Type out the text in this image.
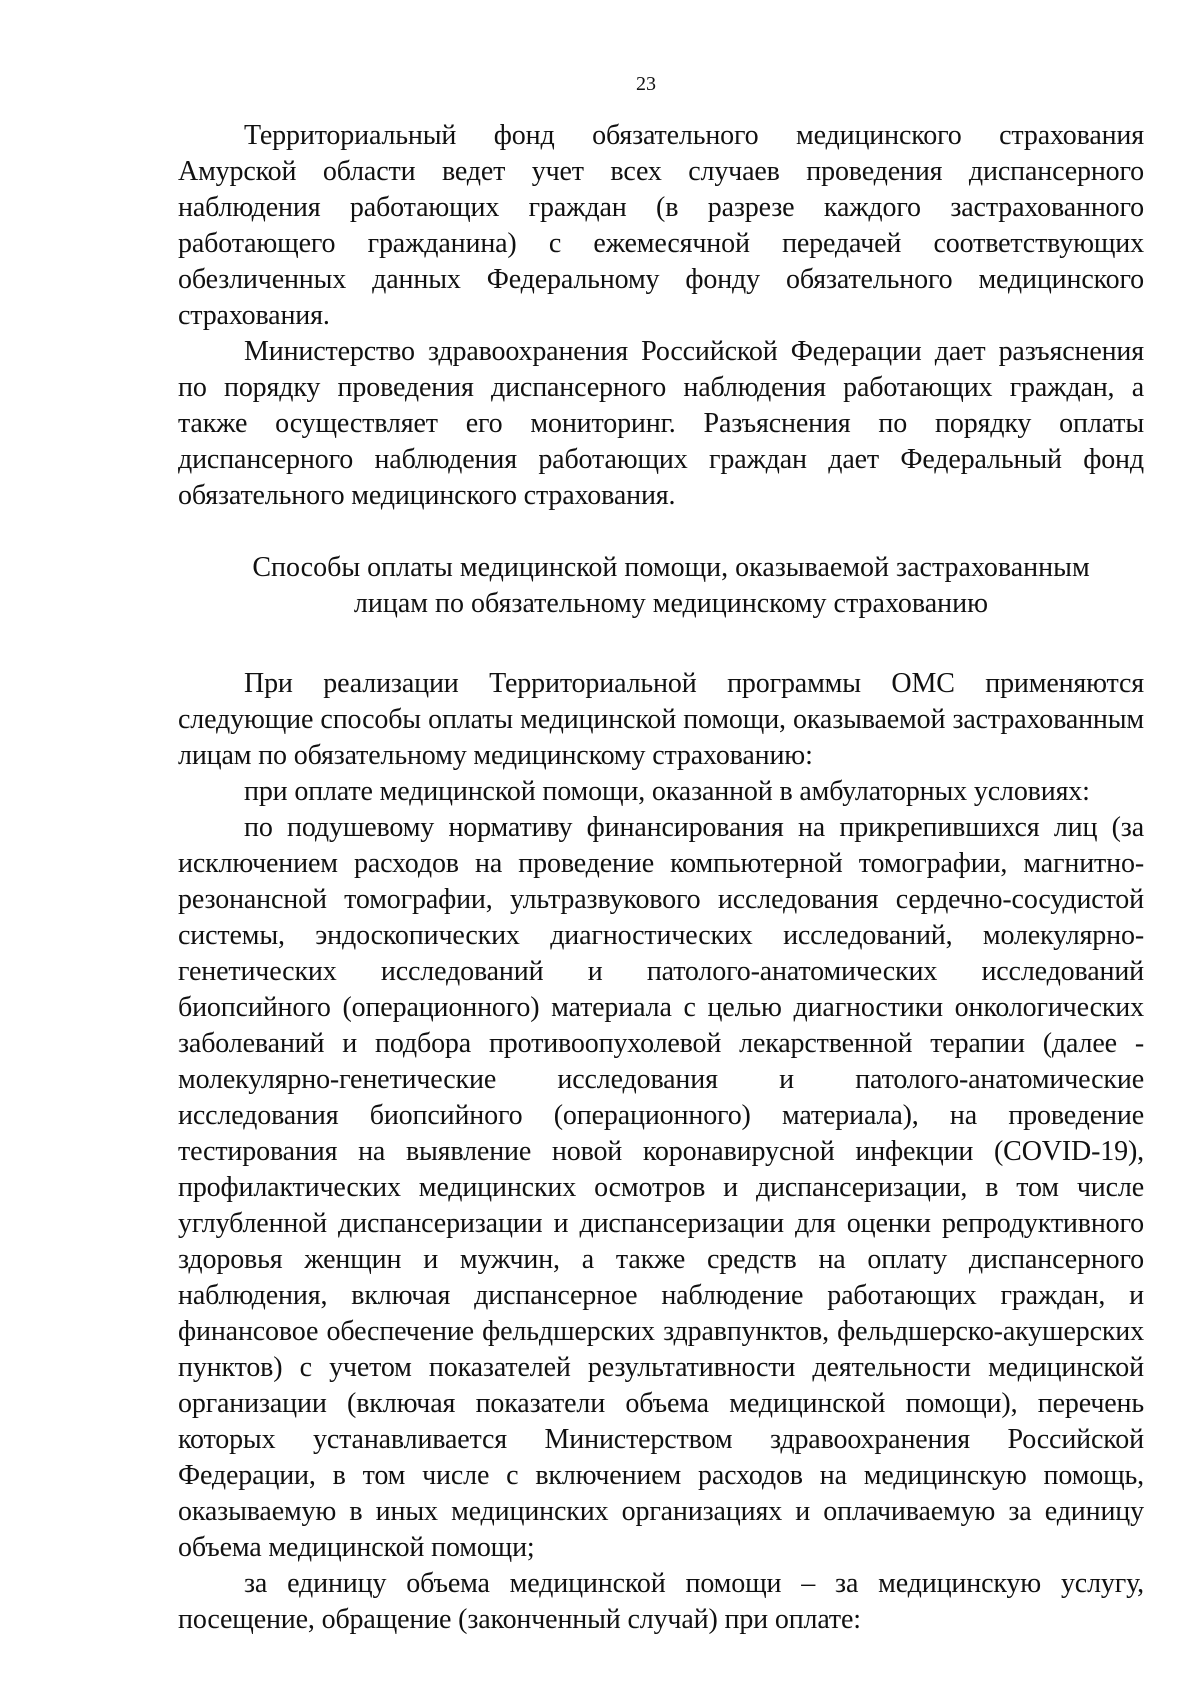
23

Территориальный фонд обязательного медицинского страхования Амурской области ведет учет всех случаев проведения диспансерного наблюдения работающих граждан (в разрезе каждого застрахованного работающего гражданина) с ежемесячной передачей соответствующих обезличенных данных Федеральному фонду обязательного медицинского страхования.

Министерство здравоохранения Российской Федерации дает разъяснения по порядку проведения диспансерного наблюдения работающих граждан, а также осуществляет его мониторинг. Разъяснения по порядку оплаты диспансерного наблюдения работающих граждан дает Федеральный фонд обязательного медицинского страхования.

Способы оплаты медицинской помощи, оказываемой застрахованным
лицам по обязательному медицинскому страхованию

При реализации Территориальной программы ОМС применяются следующие способы оплаты медицинской помощи, оказываемой застрахованным лицам по обязательному медицинскому страхованию:

при оплате медицинской помощи, оказанной в амбулаторных условиях:

по подушевому нормативу финансирования на прикрепившихся лиц (за исключением расходов на проведение компьютерной томографии, магнитно-резонансной томографии, ультразвукового исследования сердечно-сосудистой системы, эндоскопических диагностических исследований, молекулярно-генетических исследований и патолого-анатомических исследований биопсийного (операционного) материала с целью диагностики онкологических заболеваний и подбора противоопухолевой лекарственной терапии (далее - молекулярно-генетические исследования и патолого-анатомические исследования биопсийного (операционного) материала), на проведение тестирования на выявление новой коронавирусной инфекции (COVID-19), профилактических медицинских осмотров и диспансеризации, в том числе углубленной диспансеризации и диспансеризации для оценки репродуктивного здоровья женщин и мужчин, а также средств на оплату диспансерного наблюдения, включая диспансерное наблюдение работающих граждан, и финансовое обеспечение фельдшерских здравпунктов, фельдшерско-акушерских пунктов) с учетом показателей результативности деятельности медицинской организации (включая показатели объема медицинской помощи), перечень которых устанавливается Министерством здравоохранения Российской Федерации, в том числе с включением расходов на медицинскую помощь, оказываемую в иных медицинских организациях и оплачиваемую за единицу объема медицинской помощи;

за единицу объема медицинской помощи – за медицинскую услугу, посещение, обращение (законченный случай) при оплате:
